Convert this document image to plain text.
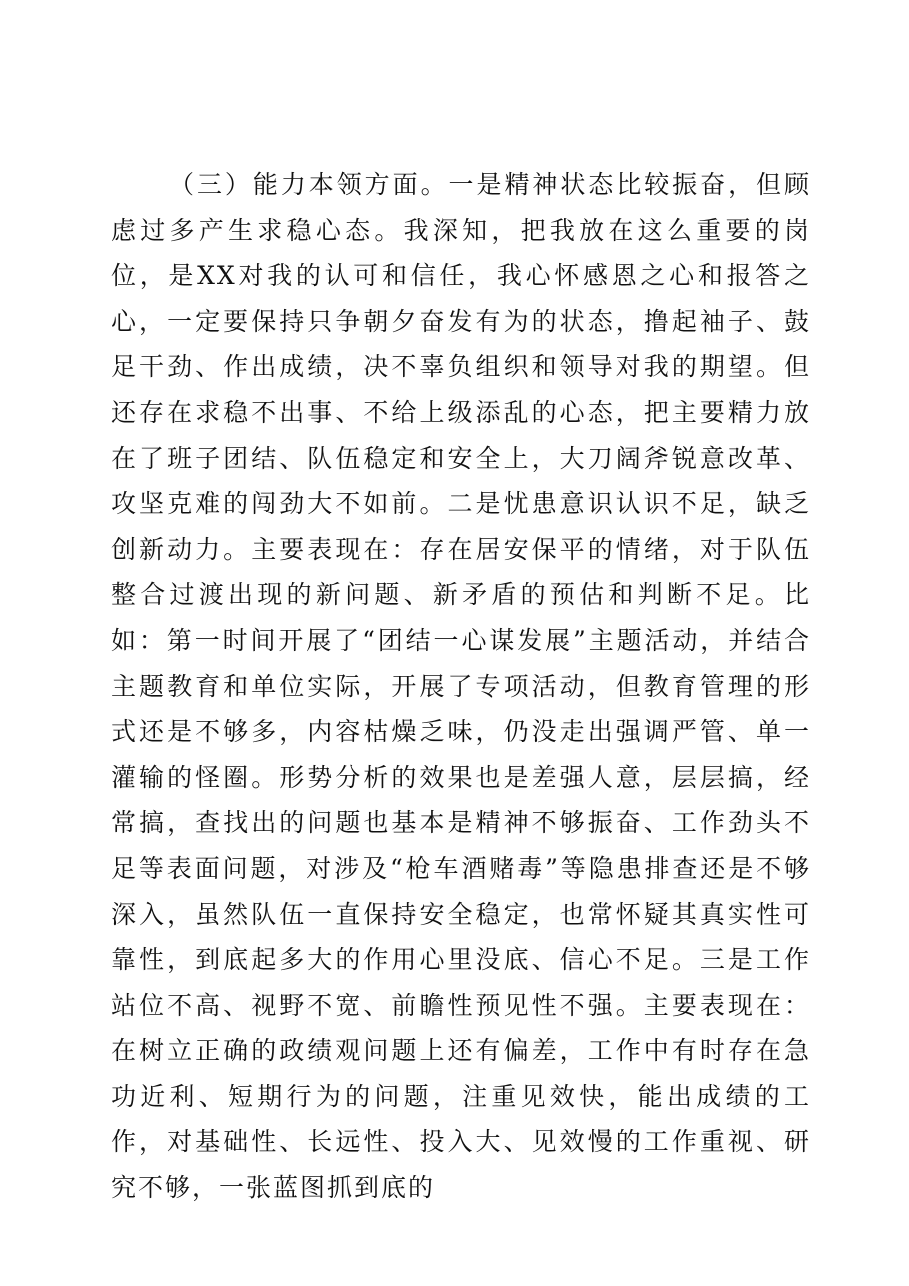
（三）能力本领方面。一是精神状态比较振奋，但顾虑过多产生求稳心态。我深知，把我放在这么重要的岗位，是XX对我的认可和信任，我心怀感恩之心和报答之心，一定要保持只争朝夕奋发有为的状态，撸起袖子、鼓足干劲、作出成绩，决不辜负组织和领导对我的期望。但还存在求稳不出事、不给上级添乱的心态，把主要精力放在了班子团结、队伍稳定和安全上，大刀阔斧锐意改革、攻坚克难的闯劲大不如前。二是忧患意识认识不足，缺乏创新动力。主要表现在：存在居安保平的情绪，对于队伍整合过渡出现的新问题、新矛盾的预估和判断不足。比如：第一时间开展了“团结一心谋发展”主题活动，并结合主题教育和单位实际，开展了专项活动，但教育管理的形式还是不够多，内容枯燥乏味，仍没走出强调严管、单一灌输的怪圈。形势分析的效果也是差强人意，层层搞，经常搞，查找出的问题也基本是精神不够振奋、工作劲头不足等表面问题，对涉及“枪车酒赌毒”等隐患排查还是不够深入，虽然队伍一直保持安全稳定，也常怀疑其真实性可靠性，到底起多大的作用心里没底、信心不足。三是工作站位不高、视野不宽、前瞻性预见性不强。主要表现在：在树立正确的政绩观问题上还有偏差，工作中有时存在急功近利、短期行为的问题，注重见效快，能出成绩的工作，对基础性、长远性、投入大、见效慢的工作重视、研究不够，一张蓝图抓到底的
